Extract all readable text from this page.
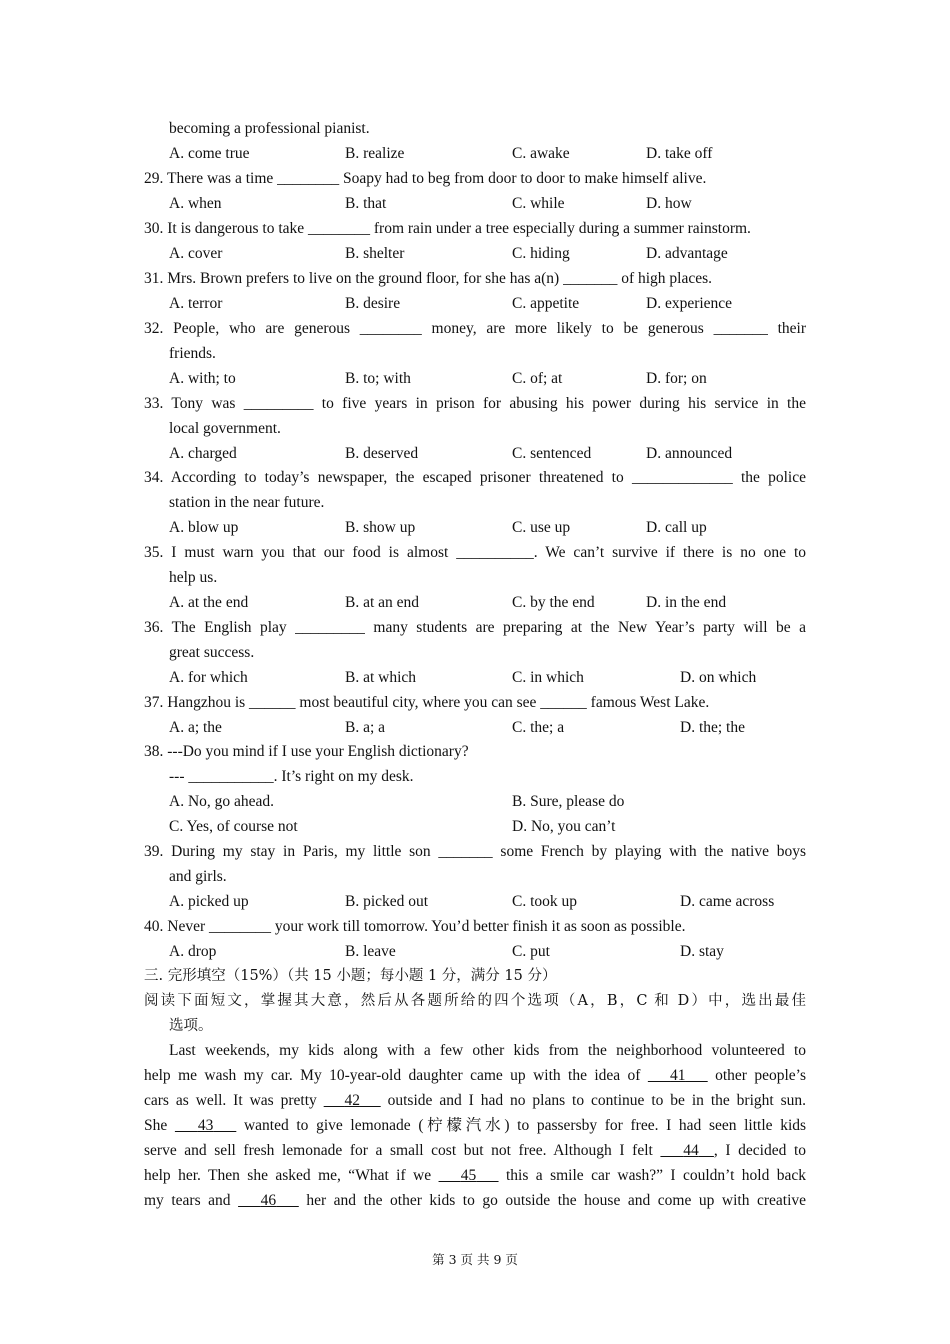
becoming a professional pianist.
A. come true	B. realize	C. awake	D. take off
29. There was a time ________ Soapy had to beg from door to door to make himself alive.
A. when	B. that	C. while	D. how
30. It is dangerous to take ________ from rain under a tree especially during a summer rainstorm.
A. cover	B. shelter	C. hiding	D. advantage
31. Mrs. Brown prefers to live on the ground floor, for she has a(n) _______ of high places.
A. terror	B. desire	C. appetite	D. experience
32. People, who are generous ________ money, are more likely to be generous _______ their
friends.
A. with; to	B. to; with	C. of; at	D. for; on
33. Tony was _________ to five years in prison for abusing his power during his service in the
local government.
A. charged	B. deserved	C. sentenced	D. announced
34. According to today’s newspaper, the escaped prisoner threatened to _____________ the police
station in the near future.
A. blow up	B. show up	C. use up	D. call up
35. I must warn you that our food is almost __________. We can’t survive if there is no one to
help us.
A. at the end	B. at an end	C. by the end	D. in the end
36. The English play _________ many students are preparing at the New Year’s party will be a
great success.
A. for which	B. at which	C. in which	D. on which
37. Hangzhou is ______ most beautiful city, where you can see ______ famous West Lake.
A. a; the	B. a; a	C. the; a	D. the; the
38. ---Do you mind if I use your English dictionary?
--- ___________. It’s right on my desk.
A. No, go ahead.	B. Sure, please do
C. Yes, of course not	D. No, you can’t
39. During my stay in Paris, my little son _______ some French by playing with the native boys
and girls.
A. picked up	B. picked out	C. took up	D. came across
40. Never ________ your work till tomorrow. You’d better finish it as soon as possible.
A. drop	B. leave	C. put	D. stay
三. 完形填空（15%）（共 15 小题；每小题 1 分，满分 15 分）
阅读下面短文，掌握其大意，然后从各题所给的四个选项（A，B，C 和 D）中，选出最佳
选项。
Last weekends, my kids along with a few other kids from the neighborhood volunteered to
help me wash my car. My 10-year-old daughter came up with the idea of 41 other people’s
cars as well. It was pretty 42 outside and I had no plans to continue to be in the bright sun.
She 43 wanted to give lemonade (柠檬汽水) to passersby for free. I had seen little kids
serve and sell fresh lemonade for a small cost but not free. Although I felt 44 , I decided to
help her. Then she asked me, “What if we 45 this a smile car wash?” I couldn’t hold back
my tears and 46 her and the other kids to go outside the house and come up with creative
第 3 页 共 9 页
